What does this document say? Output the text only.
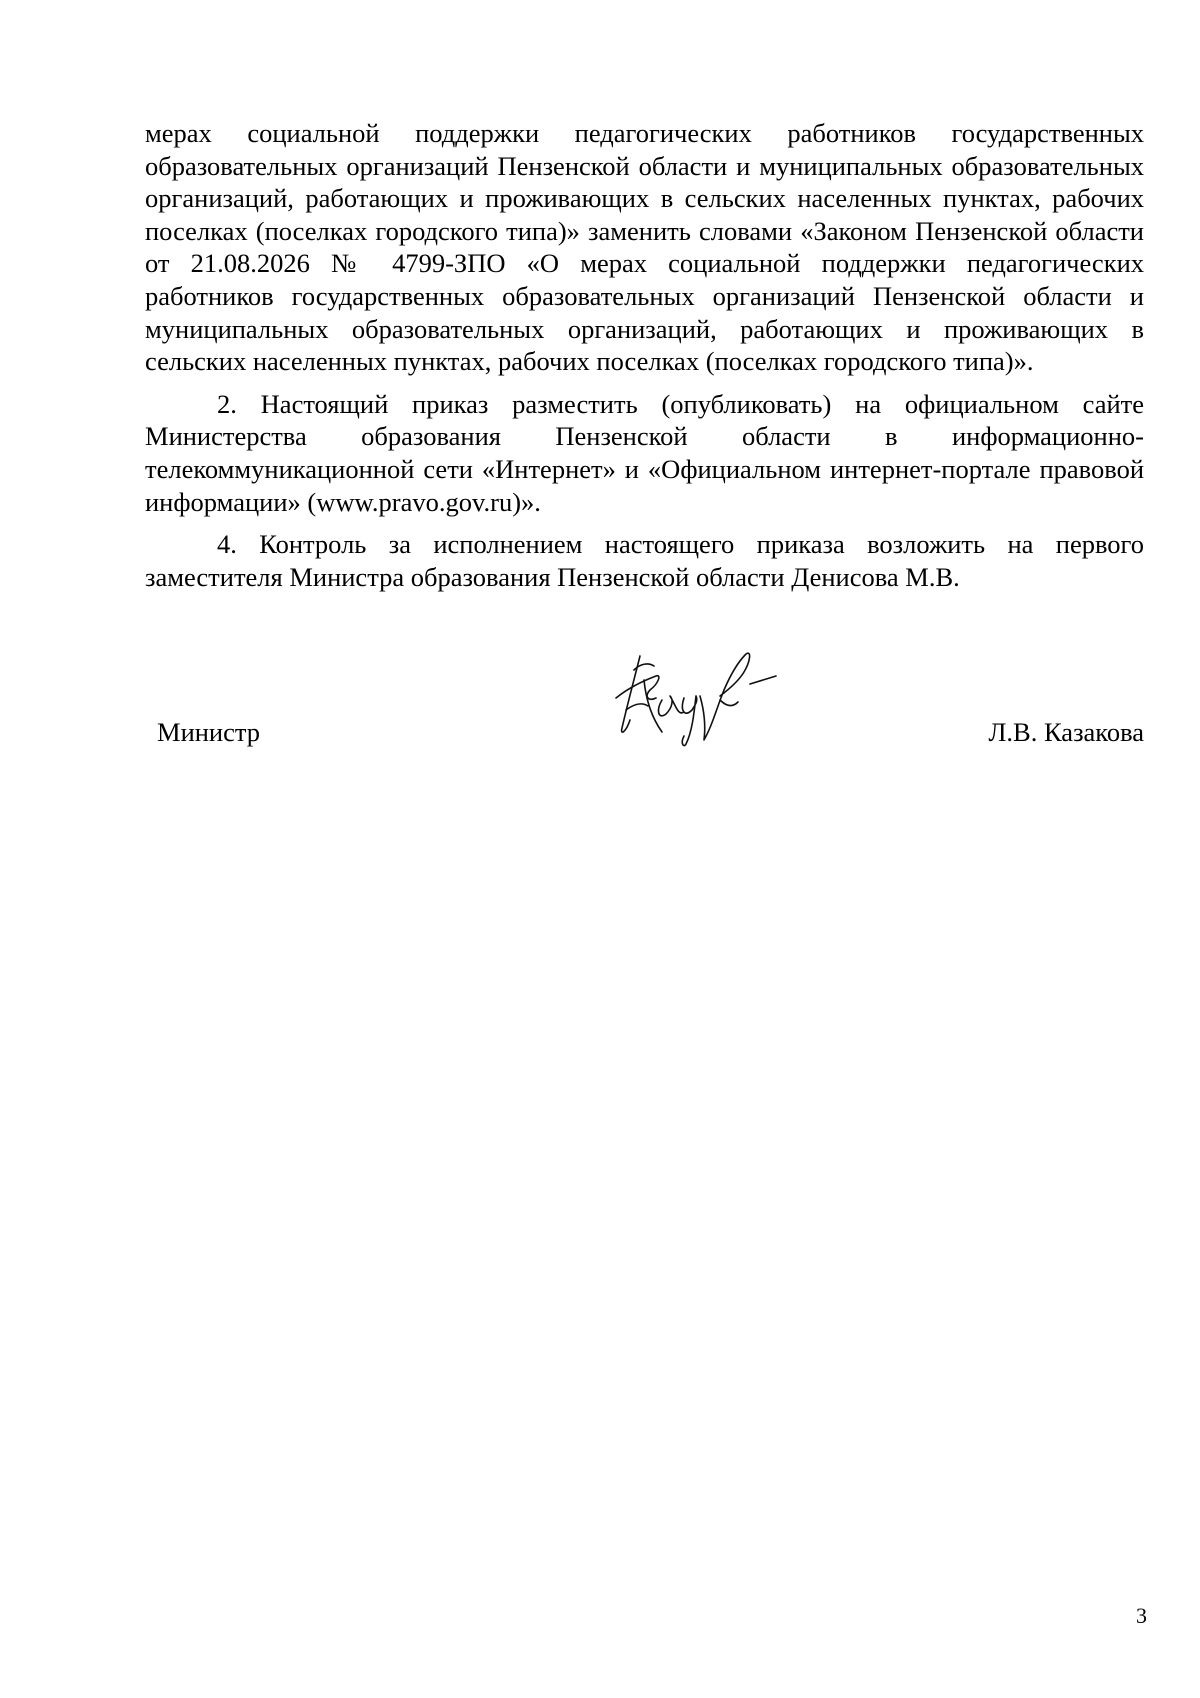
мерах социальной поддержки педагогических работников государственных образовательных организаций Пензенской области и муниципальных образовательных организаций, работающих и проживающих в сельских населенных пунктах, рабочих поселках (поселках городского типа)» заменить словами «Законом Пензенской области от 21.08.2026 № 4799-ЗПО «О мерах социальной поддержки педагогических работников государственных образовательных организаций Пензенской области и муниципальных образовательных организаций, работающих и проживающих в сельских населенных пунктах, рабочих поселках (поселках городского типа)».

2. Настоящий приказ разместить (опубликовать) на официальном сайте Министерства образования Пензенской области в информационно-телекоммуникационной сети «Интернет» и «Официальном интернет-портале правовой информации» (www.pravo.gov.ru)».

4. Контроль за исполнением настоящего приказа возложить на первого заместителя Министра образования Пензенской области Денисова М.В.

Министр	Л.В. Казакова
3
